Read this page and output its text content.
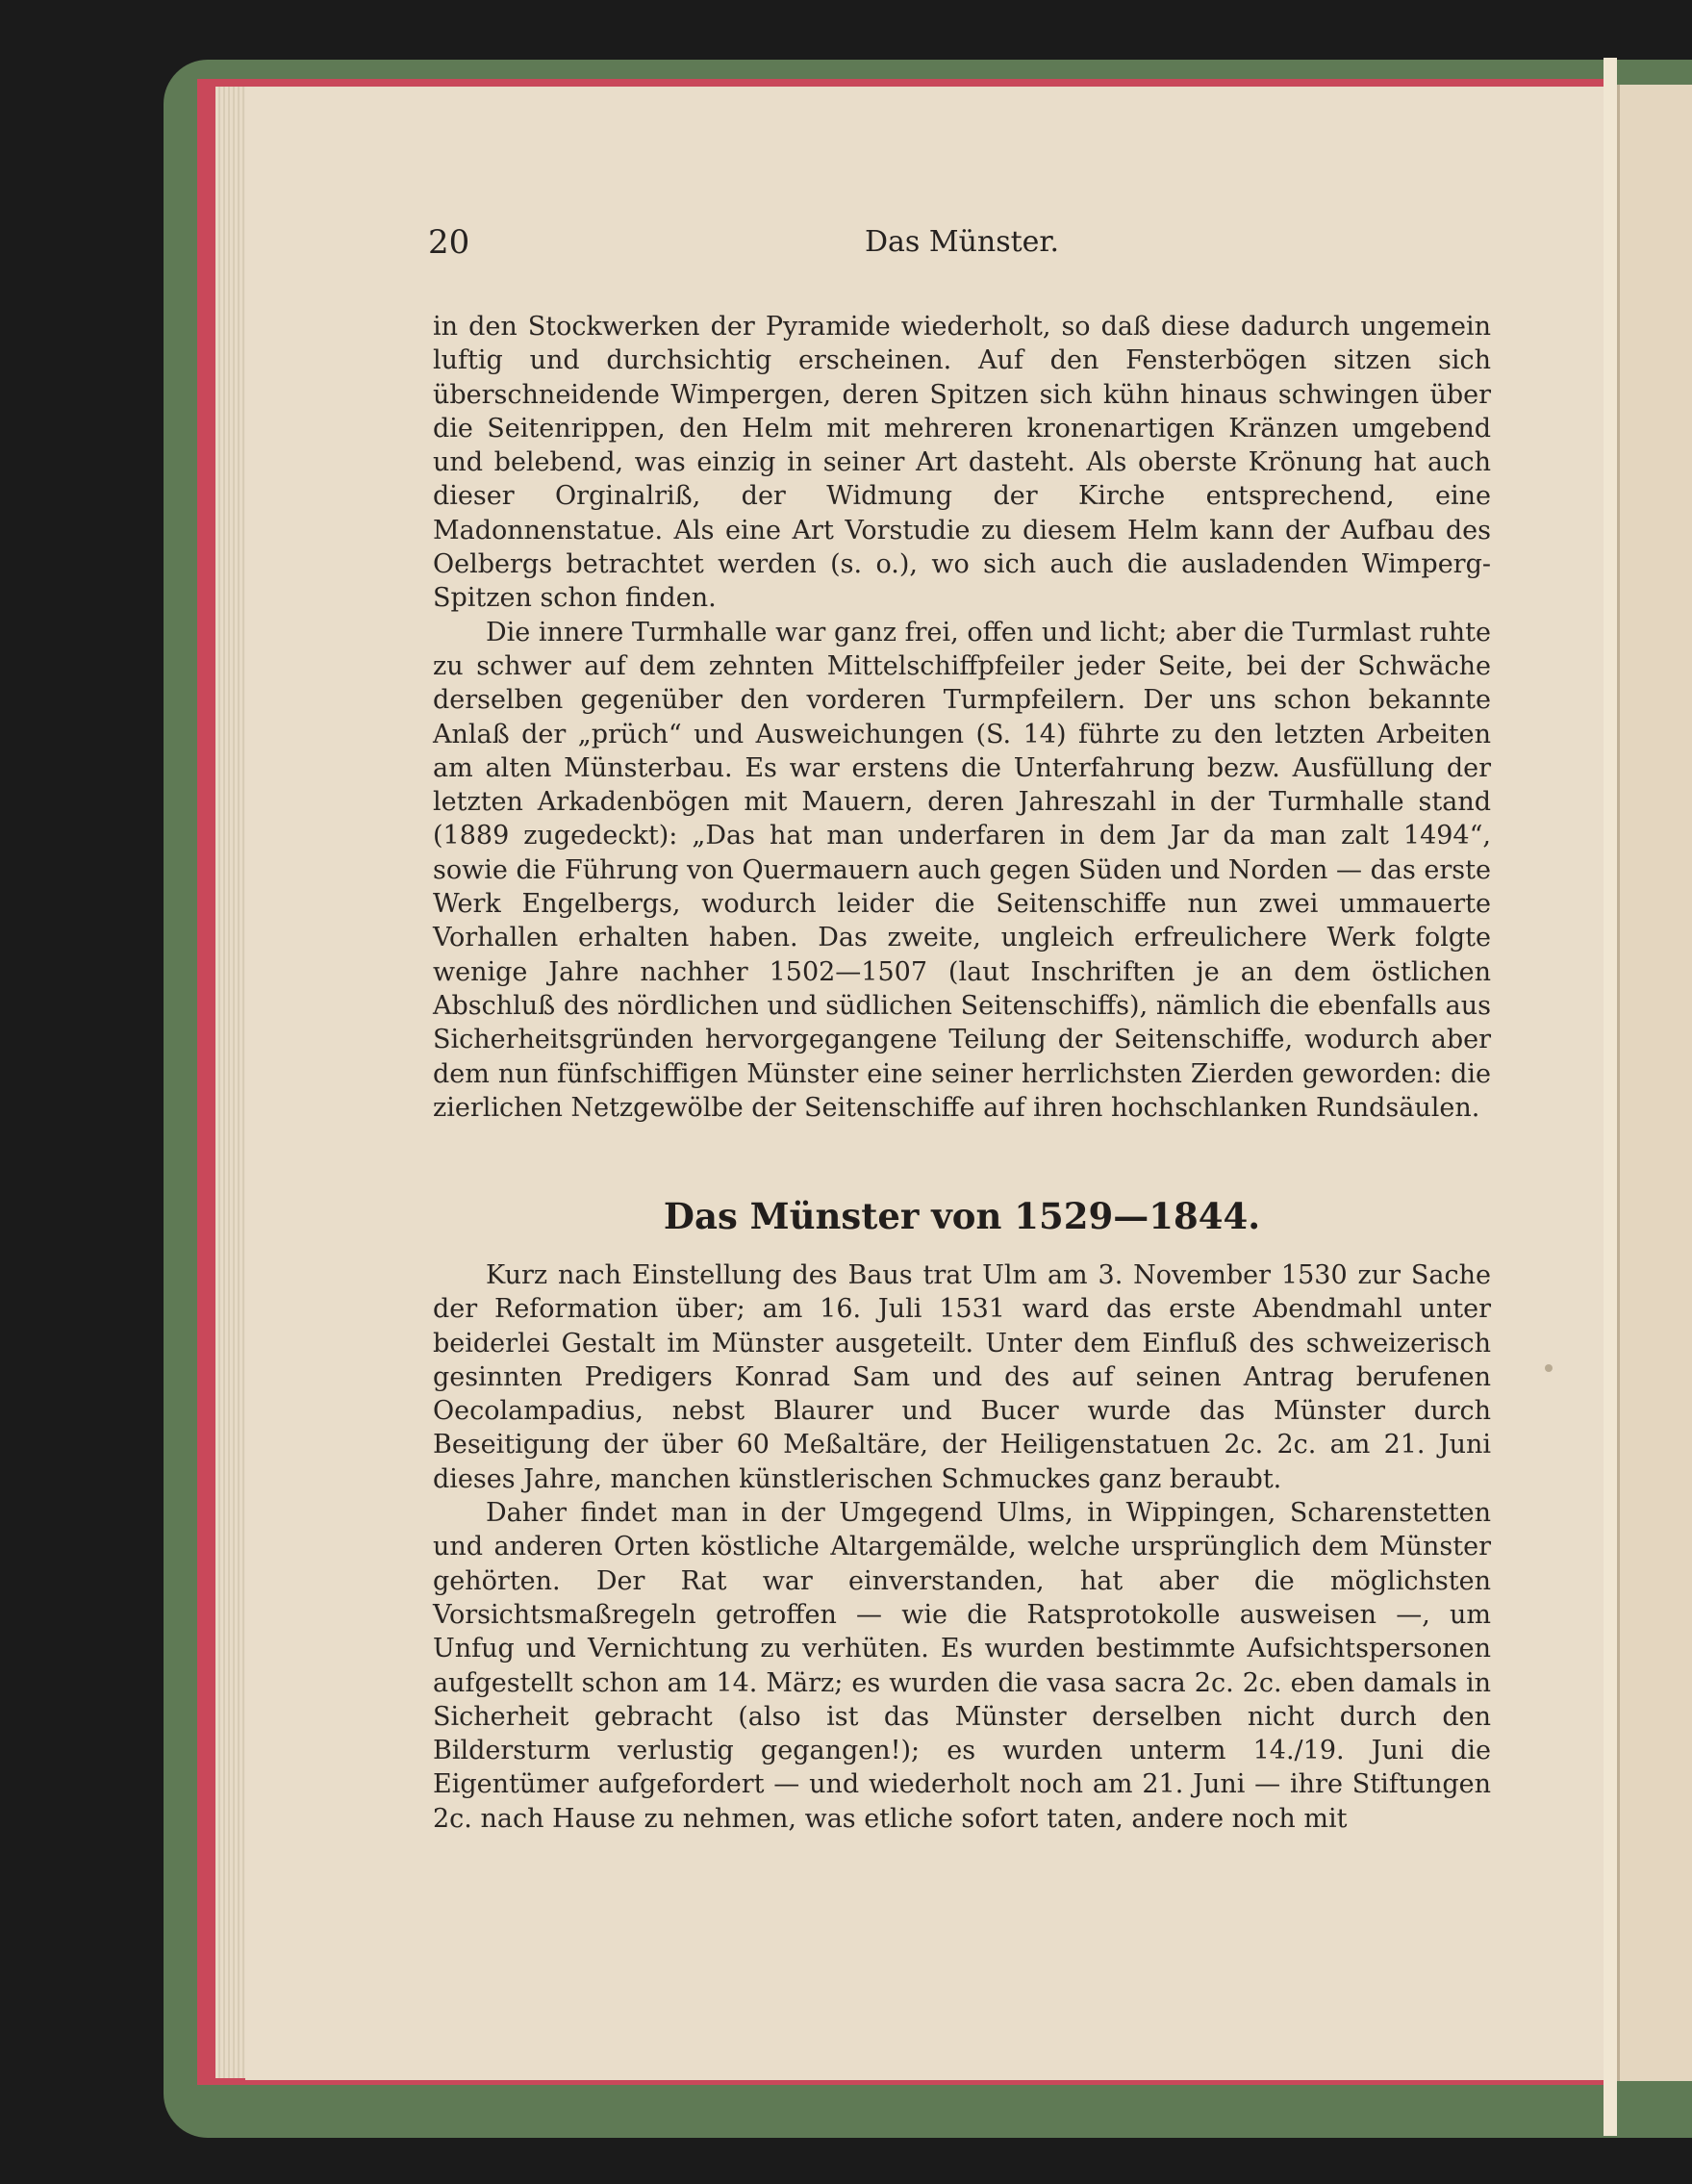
20	Das Münster.

in den Stockwerken der Pyramide wiederholt, so daß diese dadurch ungemein luftig und durchsichtig erscheinen. Auf den Fensterbögen sitzen sich überschneidende Wimpergen, deren Spitzen sich kühn hinaus schwingen über die Seitenrippen, den Helm mit mehreren kronenartigen Kränzen umgebend und belebend, was einzig in seiner Art dasteht. Als oberste Krönung hat auch dieser Orginalriß, der Widmung der Kirche entsprechend, eine Madonnenstatue. Als eine Art Vorstudie zu diesem Helm kann der Aufbau des Oelbergs betrachtet werden (s. o.), wo sich auch die ausladenden Wimperg-Spitzen schon finden.

Die innere Turmhalle war ganz frei, offen und licht; aber die Turmlast ruhte zu schwer auf dem zehnten Mittelschiffpfeiler jeder Seite, bei der Schwäche derselben gegenüber den vorderen Turmpfeilern. Der uns schon bekannte Anlaß der „prüch“ und Ausweichungen (S. 14) führte zu den letzten Arbeiten am alten Münsterbau. Es war erstens die Unterfahrung bezw. Ausfüllung der letzten Arkadenbögen mit Mauern, deren Jahreszahl in der Turmhalle stand (1889 zugedeckt): „Das hat man underfaren in dem Jar da man zalt 1494“, sowie die Führung von Quermauern auch gegen Süden und Norden — das erste Werk Engelbergs, wodurch leider die Seitenschiffe nun zwei ummauerte Vorhallen erhalten haben. Das zweite, ungleich erfreulichere Werk folgte wenige Jahre nachher 1502—1507 (laut Inschriften je an dem östlichen Abschluß des nördlichen und südlichen Seitenschiffs), nämlich die ebenfalls aus Sicherheitsgründen hervorgegangene Teilung der Seitenschiffe, wodurch aber dem nun fünfschiffigen Münster eine seiner herrlichsten Zierden geworden: die zierlichen Netzgewölbe der Seitenschiffe auf ihren hochschlanken Rundsäulen.

Das Münster von 1529—1844.

Kurz nach Einstellung des Baus trat Ulm am 3. November 1530 zur Sache der Reformation über; am 16. Juli 1531 ward das erste Abendmahl unter beiderlei Gestalt im Münster ausgeteilt. Unter dem Einfluß des schweizerisch gesinnten Predigers Konrad Sam und des auf seinen Antrag berufenen Oecolampadius, nebst Blaurer und Bucer wurde das Münster durch Beseitigung der über 60 Meßaltäre, der Heiligenstatuen 2c. 2c. am 21. Juni dieses Jahre, manchen künstlerischen Schmuckes ganz beraubt.

Daher findet man in der Umgegend Ulms, in Wippingen, Scharenstetten und anderen Orten köstliche Altargemälde, welche ursprünglich dem Münster gehörten. Der Rat war einverstanden, hat aber die möglichsten Vorsichtsmaßregeln getroffen — wie die Ratsprotokolle ausweisen —, um Unfug und Vernichtung zu verhüten. Es wurden bestimmte Aufsichtspersonen aufgestellt schon am 14. März; es wurden die vasa sacra 2c. 2c. eben damals in Sicherheit gebracht (also ist das Münster derselben nicht durch den Bildersturm verlustig gegangen!); es wurden unterm 14./19. Juni die Eigentümer aufgefordert — und wiederholt noch am 21. Juni — ihre Stiftungen 2c. nach Hause zu nehmen, was etliche sofort taten, andere noch mit
